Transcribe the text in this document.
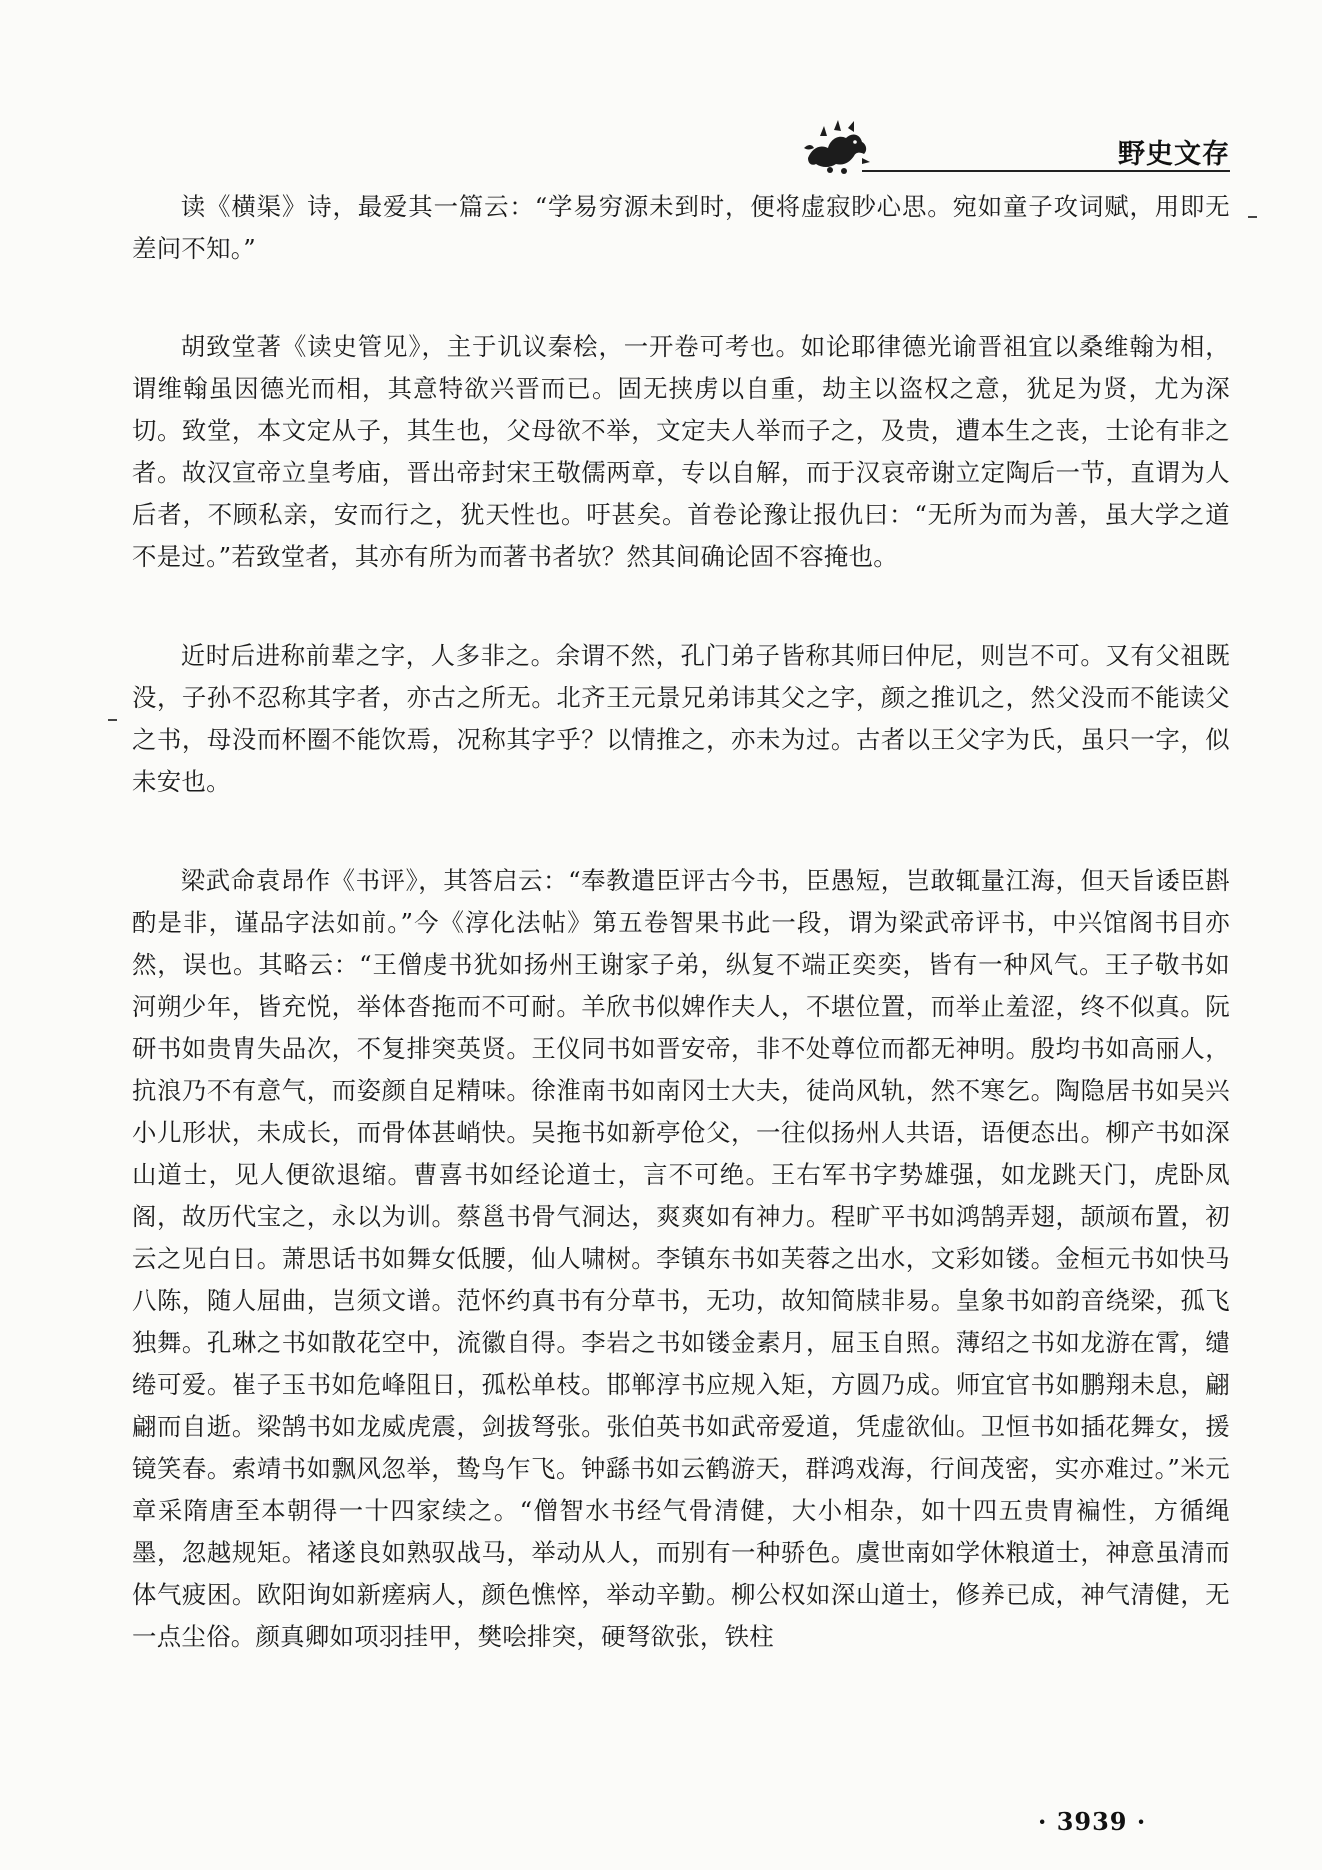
野史文存

读《横渠》诗，最爱其一篇云：“学易穷源未到时，便将虚寂眇心思。宛如童子攻词赋，用即无差问不知。”

胡致堂著《读史管见》，主于讥议秦桧，一开卷可考也。如论耶律德光谕晋祖宜以桑维翰为相，谓维翰虽因德光而相，其意特欲兴晋而已。固无挟虏以自重，劫主以盗权之意，犹足为贤，尤为深切。致堂，本文定从子，其生也，父母欲不举，文定夫人举而子之，及贵，遭本生之丧，士论有非之者。故汉宣帝立皇考庙，晋出帝封宋王敬儒两章，专以自解，而于汉哀帝谢立定陶后一节，直谓为人后者，不顾私亲，安而行之，犹天性也。吁甚矣。首卷论豫让报仇曰：“无所为而为善，虽大学之道不是过。”若致堂者，其亦有所为而著书者欤？然其间确论固不容掩也。

近时后进称前辈之字，人多非之。余谓不然，孔门弟子皆称其师曰仲尼，则岂不可。又有父祖既没，子孙不忍称其字者，亦古之所无。北齐王元景兄弟讳其父之字，颜之推讥之，然父没而不能读父之书，母没而杯圈不能饮焉，况称其字乎？以情推之，亦未为过。古者以王父字为氏，虽只一字，似未安也。

梁武命袁昂作《书评》，其答启云：“奉教遣臣评古今书，臣愚短，岂敢辄量江海，但天旨诿臣斟酌是非，谨品字法如前。”今《淳化法帖》第五卷智果书此一段，谓为梁武帝评书，中兴馆阁书目亦然，误也。其略云：“王僧虔书犹如扬州王谢家子弟，纵复不端正奕奕，皆有一种风气。王子敬书如河朔少年，皆充悦，举体沓拖而不可耐。羊欣书似婢作夫人，不堪位置，而举止羞涩，终不似真。阮研书如贵胄失品次，不复排突英贤。王仪同书如晋安帝，非不处尊位而都无神明。殷均书如高丽人，抗浪乃不有意气，而姿颜自足精味。徐淮南书如南冈士大夫，徒尚风轨，然不寒乞。陶隐居书如吴兴小儿形状，未成长，而骨体甚峭快。吴拖书如新亭伧父，一往似扬州人共语，语便态出。柳产书如深山道士，见人便欲退缩。曹喜书如经论道士，言不可绝。王右军书字势雄强，如龙跳天门，虎卧凤阁，故历代宝之，永以为训。蔡邕书骨气洞达，爽爽如有神力。程旷平书如鸿鹄弄翅，颉颃布置，初云之见白日。萧思话书如舞女低腰，仙人啸树。李镇东书如芙蓉之出水，文彩如镂。金桓元书如快马八陈，随人屈曲，岂须文谱。范怀约真书有分草书，无功，故知简牍非易。皇象书如韵音绕梁，孤飞独舞。孔琳之书如散花空中，流徽自得。李岩之书如镂金素月，屈玉自照。薄绍之书如龙游在霄，缱绻可爱。崔子玉书如危峰阻日，孤松单枝。邯郸淳书应规入矩，方圆乃成。师宜官书如鹏翔未息，翩翩而自逝。梁鹄书如龙威虎震，剑拔弩张。张伯英书如武帝爱道，凭虚欲仙。卫恒书如插花舞女，援镜笑春。索靖书如飘风忽举，鸷鸟乍飞。钟繇书如云鹤游天，群鸿戏海，行间茂密，实亦难过。”米元章采隋唐至本朝得一十四家续之。“僧智水书经气骨清健，大小相杂，如十四五贵胄褊性，方循绳墨，忽越规矩。褚遂良如熟驭战马，举动从人，而别有一种骄色。虞世南如学休粮道士，神意虽清而体气疲困。欧阳询如新瘥病人，颜色憔悴，举动辛勤。柳公权如深山道士，修养已成，神气清健，无一点尘俗。颜真卿如项羽挂甲，樊哙排突，硬弩欲张，铁柱

· 3939 ·
